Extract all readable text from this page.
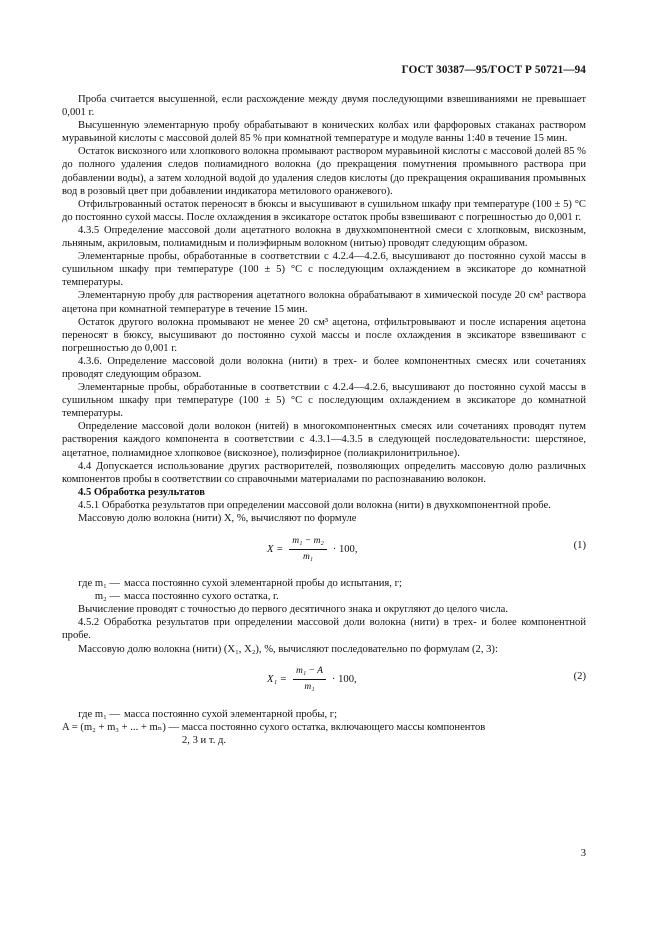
ГОСТ 30387—95/ГОСТ Р 50721—94

Проба считается высушенной, если расхождение между двумя последующими взвешиваниями не превышает 0,001 г.

Высушенную элементарную пробу обрабатывают в конических колбах или фарфоровых стаканах раствором муравьиной кислоты с массовой долей 85 % при комнатной температуре и модуле ванны 1:40 в течение 15 мин.

Остаток вискозного или хлопкового волокна промывают раствором муравьиной кислоты с массовой долей 85 % до полного удаления следов полиамидного волокна (до прекращения помутнения промывного раствора при добавлении воды), а затем холодной водой до удаления следов кислоты (до прекращения окрашивания промывных вод в розовый цвет при добавлении индикатора метилового оранжевого).

Отфильтрованный остаток переносят в бюксы и высушивают в сушильном шкафу при температуре (100 ± 5) °С до постоянно сухой массы. После охлаждения в эксикаторе остаток пробы взвешивают с погрешностью до 0,001 г.

4.3.5 Определение массовой доли ацетатного волокна в двухкомпонентной смеси с хлопковым, вискозным, льняным, акриловым, полиамидным и полиэфирным волокном (нитью) проводят следующим образом.

Элементарные пробы, обработанные в соответствии с 4.2.4—4.2.6, высушивают до постоянно сухой массы в сушильном шкафу при температуре (100 ± 5) °С с последующим охлаждением в эксикаторе до комнатной температуры.

Элементарную пробу для растворения ацетатного волокна обрабатывают в химической посуде 20 см³ раствора ацетона при комнатной температуре в течение 15 мин.

Остаток другого волокна промывают не менее 20 см³ ацетона, отфильтровывают и после испарения ацетона переносят в бюксу, высушивают до постоянно сухой массы и после охлаждения в эксикаторе взвешивают с погрешностью до 0,001 г.

4.3.6. Определение массовой доли волокна (нити) в трех- и более компонентных смесях или сочетаниях проводят следующим образом.

Элементарные пробы, обработанные в соответствии с 4.2.4—4.2.6, высушивают до постоянно сухой массы в сушильном шкафу при температуре (100 ± 5) °С с последующим охлаждением в эксикаторе до комнатной температуры.

Определение массовой доли волокон (нитей) в многокомпонентных смесях или сочетаниях проводят путем растворения каждого компонента в соответствии с 4.3.1—4.3.5 в следующей последовательности: шерстяное, ацетатное, полиамидное хлопковое (вискозное), полиэфирное (полиакрилонитрильное).

4.4 Допускается использование других растворителей, позволяющих определить массовую долю различных компонентов пробы в соответствии со справочными материалами по распознаванию волокон.

4.5 Обработка результатов

4.5.1 Обработка результатов при определении массовой доли волокна (нити) в двухкомпонентной пробе.

Массовую долю волокна (нити) X, %, вычисляют по формуле

$X = \frac{\text{m₁ − m₂}}{\text{m₁}} \cdot 100$,	(1)
где m₁ — масса постоянно сухой элементарной пробы до испытания, г;
m₂ — масса постоянно сухого остатка, г.

Вычисление проводят с точностью до первого десятичного знака и округляют до целого числа.

4.5.2 Обработка результатов при определении массовой доли волокна (нити) в трех- и более компонентной пробе.

Массовую долю волокна (нити) (X₁, X₂), %, вычисляют последовательно по формулам (2, 3):

$X_1 = \frac{\text{m₁ − A}}{\text{m₁}} \cdot 100$,	(2)
где m₁ — масса постоянно сухой элементарной пробы, г;
A = (m₂ + m₃ + ... + mₙ) — масса постоянно сухого остатка, включающего массы компонентов
2, 3 и т. д.
3
